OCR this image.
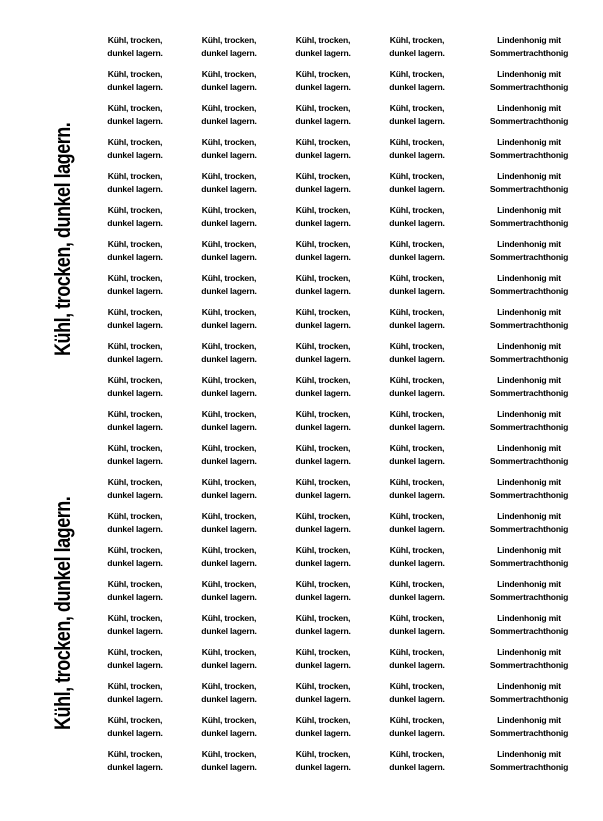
Kühl, trocken, dunkel lagern.
Kühl, trocken, dunkel lagern.
Kühl, trocken,
dunkel lagern.
Kühl, trocken,
dunkel lagern.
Kühl, trocken,
dunkel lagern.
Kühl, trocken,
dunkel lagern.
Lindenhonig mit
Sommertrachthonig
Kühl, trocken,
dunkel lagern.
Kühl, trocken,
dunkel lagern.
Kühl, trocken,
dunkel lagern.
Kühl, trocken,
dunkel lagern.
Lindenhonig mit
Sommertrachthonig
Kühl, trocken,
dunkel lagern.
Kühl, trocken,
dunkel lagern.
Kühl, trocken,
dunkel lagern.
Kühl, trocken,
dunkel lagern.
Lindenhonig mit
Sommertrachthonig
Kühl, trocken,
dunkel lagern.
Kühl, trocken,
dunkel lagern.
Kühl, trocken,
dunkel lagern.
Kühl, trocken,
dunkel lagern.
Lindenhonig mit
Sommertrachthonig
Kühl, trocken,
dunkel lagern.
Kühl, trocken,
dunkel lagern.
Kühl, trocken,
dunkel lagern.
Kühl, trocken,
dunkel lagern.
Lindenhonig mit
Sommertrachthonig
Kühl, trocken,
dunkel lagern.
Kühl, trocken,
dunkel lagern.
Kühl, trocken,
dunkel lagern.
Kühl, trocken,
dunkel lagern.
Lindenhonig mit
Sommertrachthonig
Kühl, trocken,
dunkel lagern.
Kühl, trocken,
dunkel lagern.
Kühl, trocken,
dunkel lagern.
Kühl, trocken,
dunkel lagern.
Lindenhonig mit
Sommertrachthonig
Kühl, trocken,
dunkel lagern.
Kühl, trocken,
dunkel lagern.
Kühl, trocken,
dunkel lagern.
Kühl, trocken,
dunkel lagern.
Lindenhonig mit
Sommertrachthonig
Kühl, trocken,
dunkel lagern.
Kühl, trocken,
dunkel lagern.
Kühl, trocken,
dunkel lagern.
Kühl, trocken,
dunkel lagern.
Lindenhonig mit
Sommertrachthonig
Kühl, trocken,
dunkel lagern.
Kühl, trocken,
dunkel lagern.
Kühl, trocken,
dunkel lagern.
Kühl, trocken,
dunkel lagern.
Lindenhonig mit
Sommertrachthonig
Kühl, trocken,
dunkel lagern.
Kühl, trocken,
dunkel lagern.
Kühl, trocken,
dunkel lagern.
Kühl, trocken,
dunkel lagern.
Lindenhonig mit
Sommertrachthonig
Kühl, trocken,
dunkel lagern.
Kühl, trocken,
dunkel lagern.
Kühl, trocken,
dunkel lagern.
Kühl, trocken,
dunkel lagern.
Lindenhonig mit
Sommertrachthonig
Kühl, trocken,
dunkel lagern.
Kühl, trocken,
dunkel lagern.
Kühl, trocken,
dunkel lagern.
Kühl, trocken,
dunkel lagern.
Lindenhonig mit
Sommertrachthonig
Kühl, trocken,
dunkel lagern.
Kühl, trocken,
dunkel lagern.
Kühl, trocken,
dunkel lagern.
Kühl, trocken,
dunkel lagern.
Lindenhonig mit
Sommertrachthonig
Kühl, trocken,
dunkel lagern.
Kühl, trocken,
dunkel lagern.
Kühl, trocken,
dunkel lagern.
Kühl, trocken,
dunkel lagern.
Lindenhonig mit
Sommertrachthonig
Kühl, trocken,
dunkel lagern.
Kühl, trocken,
dunkel lagern.
Kühl, trocken,
dunkel lagern.
Kühl, trocken,
dunkel lagern.
Lindenhonig mit
Sommertrachthonig
Kühl, trocken,
dunkel lagern.
Kühl, trocken,
dunkel lagern.
Kühl, trocken,
dunkel lagern.
Kühl, trocken,
dunkel lagern.
Lindenhonig mit
Sommertrachthonig
Kühl, trocken,
dunkel lagern.
Kühl, trocken,
dunkel lagern.
Kühl, trocken,
dunkel lagern.
Kühl, trocken,
dunkel lagern.
Lindenhonig mit
Sommertrachthonig
Kühl, trocken,
dunkel lagern.
Kühl, trocken,
dunkel lagern.
Kühl, trocken,
dunkel lagern.
Kühl, trocken,
dunkel lagern.
Lindenhonig mit
Sommertrachthonig
Kühl, trocken,
dunkel lagern.
Kühl, trocken,
dunkel lagern.
Kühl, trocken,
dunkel lagern.
Kühl, trocken,
dunkel lagern.
Lindenhonig mit
Sommertrachthonig
Kühl, trocken,
dunkel lagern.
Kühl, trocken,
dunkel lagern.
Kühl, trocken,
dunkel lagern.
Kühl, trocken,
dunkel lagern.
Lindenhonig mit
Sommertrachthonig
Kühl, trocken,
dunkel lagern.
Kühl, trocken,
dunkel lagern.
Kühl, trocken,
dunkel lagern.
Kühl, trocken,
dunkel lagern.
Lindenhonig mit
Sommertrachthonig
